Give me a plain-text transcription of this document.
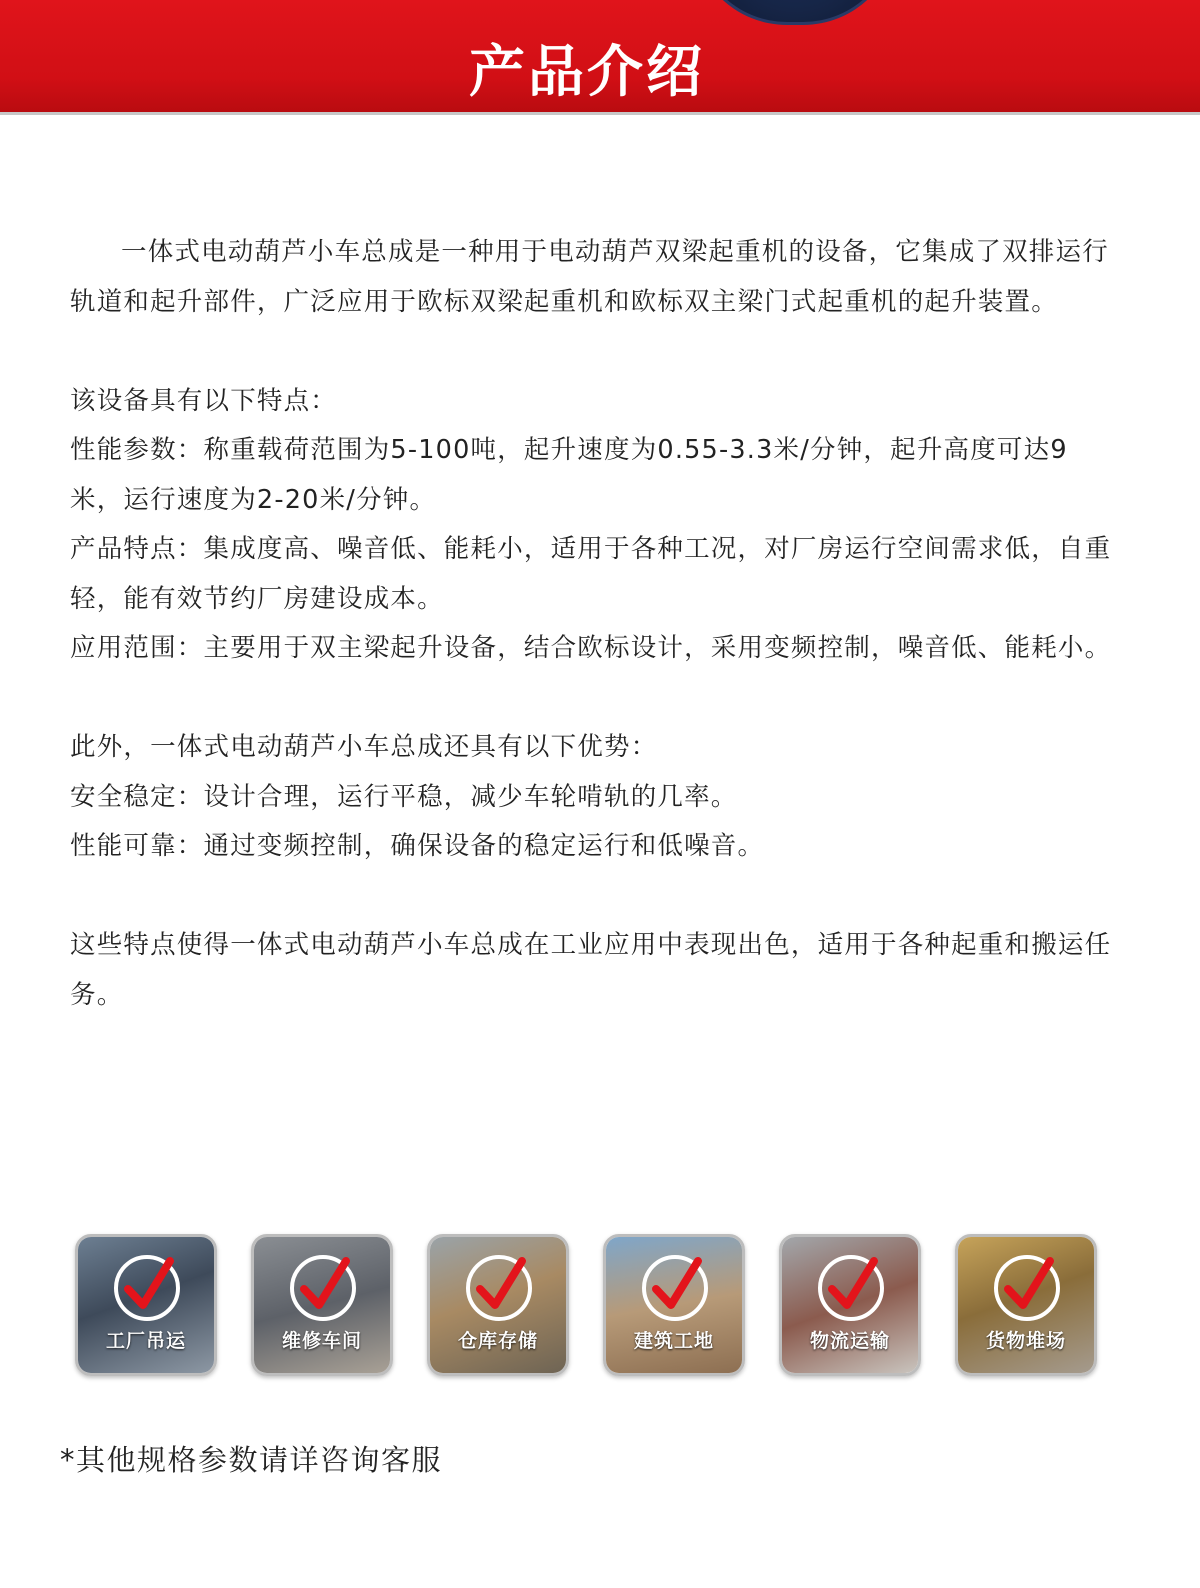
产品介绍

一体式电动葫芦小车总成是一种用于电动葫芦双梁起重机的设备，它集成了双排运行轨道和起升部件，广泛应用于欧标双梁起重机和欧标双主梁门式起重机的起升装置。

该设备具有以下特点：

性能参数：称重载荷范围为5-100吨，起升速度为0.55-3.3米/分钟，起升高度可达9米，运行速度为2-20米/分钟。

产品特点：集成度高、噪音低、能耗小，适用于各种工况，对厂房运行空间需求低，自重轻，能有效节约厂房建设成本。

应用范围：主要用于双主梁起升设备，结合欧标设计，采用变频控制，噪音低、能耗小。

此外，一体式电动葫芦小车总成还具有以下优势：

安全稳定：设计合理，运行平稳，减少车轮啃轨的几率。

性能可靠：通过变频控制，确保设备的稳定运行和低噪音。

这些特点使得一体式电动葫芦小车总成在工业应用中表现出色，适用于各种起重和搬运任务。

工厂吊运	维修车间	仓库存储	建筑工地	物流运输	货物堆场
*其他规格参数请详咨询客服
